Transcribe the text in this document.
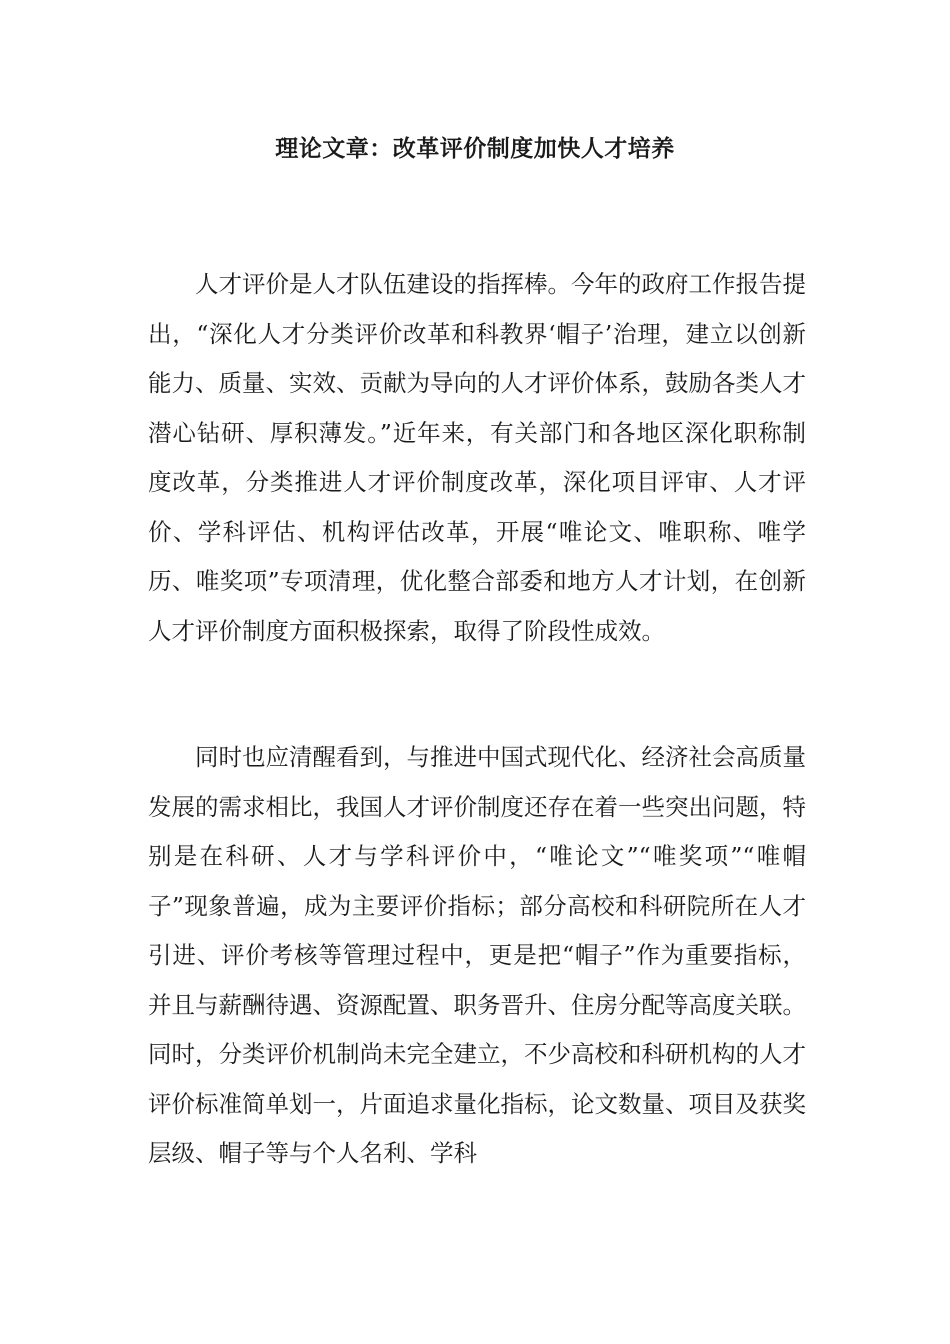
理论文章：改革评价制度加快人才培养

人才评价是人才队伍建设的指挥棒。今年的政府工作报告提出，“深化人才分类评价改革和科教界‘帽子’治理，建立以创新能力、质量、实效、贡献为导向的人才评价体系，鼓励各类人才潜心钻研、厚积薄发。”近年来，有关部门和各地区深化职称制度改革，分类推进人才评价制度改革，深化项目评审、人才评价、学科评估、机构评估改革，开展“唯论文、唯职称、唯学历、唯奖项”专项清理，优化整合部委和地方人才计划，在创新人才评价制度方面积极探索，取得了阶段性成效。

同时也应清醒看到，与推进中国式现代化、经济社会高质量发展的需求相比，我国人才评价制度还存在着一些突出问题，特别是在科研、人才与学科评价中，“唯论文”“唯奖项”“唯帽子”现象普遍，成为主要评价指标；部分高校和科研院所在人才引进、评价考核等管理过程中，更是把“帽子”作为重要指标，并且与薪酬待遇、资源配置、职务晋升、住房分配等高度关联。同时，分类评价机制尚未完全建立，不少高校和科研机构的人才评价标准简单划一，片面追求量化指标，论文数量、项目及获奖层级、帽子等与个人名利、学科
